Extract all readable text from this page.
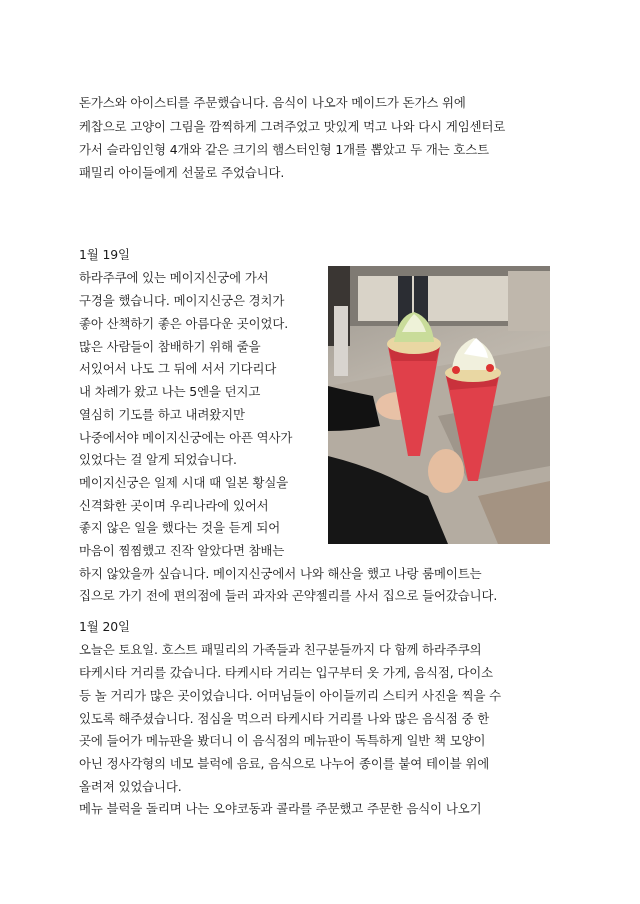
돈가스와 아이스티를 주문했습니다. 음식이 나오자 메이드가 돈가스 위에
케찹으로 고양이 그림을 깜찍하게 그려주었고 맛있게 먹고 나와 다시 게임센터로
가서 슬라임인형 4개와 같은 크기의 햄스터인형 1개를 뽑았고 두 개는 호스트
패밀리 아이들에게 선물로 주었습니다.
1월 19일
하라주쿠에 있는 메이지신궁에 가서
구경을 했습니다. 메이지신궁은 경치가
좋아 산책하기 좋은 아름다운 곳이었다.
많은 사람들이 참배하기 위해 줄을
서있어서 나도 그 뒤에 서서 기다리다
내 차례가 왔고 나는 5엔을 던지고
열심히 기도를 하고 내려왔지만
나중에서야 메이지신궁에는 아픈 역사가
있었다는 걸 알게 되었습니다.
메이지신궁은 일제 시대 때 일본 황실을
신격화한 곳이며 우리나라에 있어서
좋지 않은 일을 했다는 것을 듣게 되어
마음이 찜찜했고 진작 알았다면 참배는
하지 않았을까 싶습니다. 메이지신궁에서 나와 해산을 했고 나랑 룸메이트는
집으로 가기 전에 편의점에 들러 과자와 곤약젤리를 사서 집으로 들어갔습니다.
1월 20일
오늘은 토요일. 호스트 패밀리의 가족들과 친구분들까지 다 함께 하라주쿠의
타케시타 거리를 갔습니다. 타케시타 거리는 입구부터 옷 가게, 음식점, 다이소
등 놀 거리가 많은 곳이었습니다. 어머님들이 아이들끼리 스티커 사진을 찍을 수
있도록 해주셨습니다. 점심을 먹으러 타케시타 거리를 나와 많은 음식점 중 한
곳에 들어가 메뉴판을 봤더니 이 음식점의 메뉴판이 독특하게 일반 책 모양이
아닌 정사각형의 네모 블럭에 음료, 음식으로 나누어 종이를 붙여 테이블 위에
올려져 있었습니다.
메뉴 블럭을 돌리며 나는 오야코동과 콜라를 주문했고 주문한 음식이 나오기
